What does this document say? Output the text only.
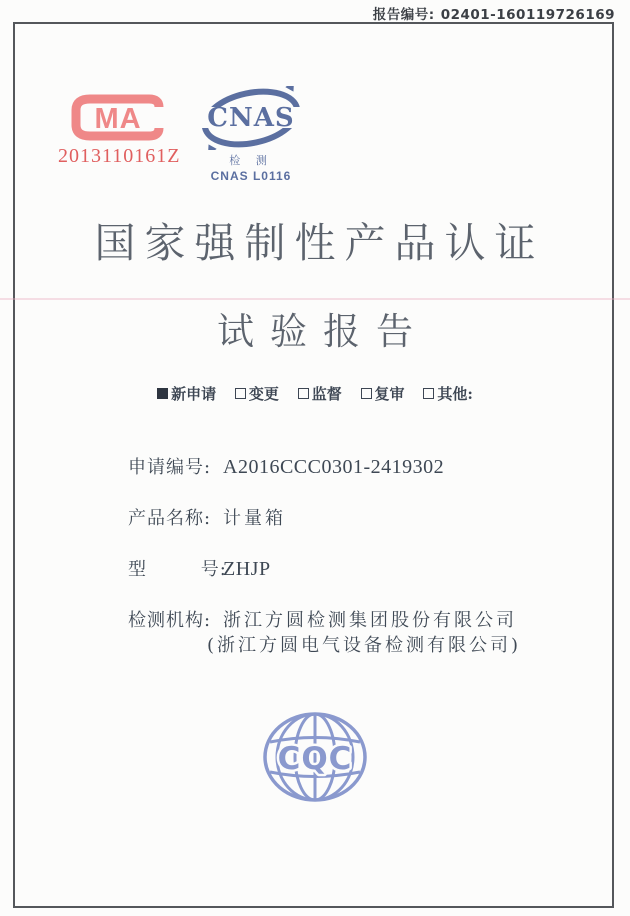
报告编号: 02401-160119726169
MA
2013110161Z
CNAS
检 测
CNAS L0116
国家强制性产品认证
试验报告
新申请
变更
监督
复审
其他:
申请编号: A2016CCC0301-2419302
产品名称: 计量箱
型        号:ZHJP
检测机构: 浙江方圆检测集团股份有限公司
(浙江方圆电气设备检测有限公司)
CQC
